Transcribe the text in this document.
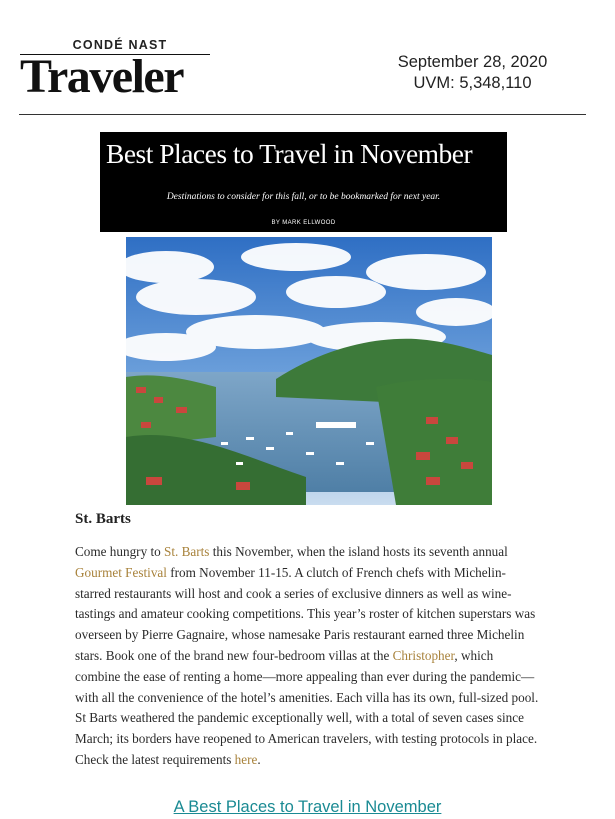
CONDÉ NAST
Traveler	September 28, 2020
UVM: 5,348,110
Best Places to Travel in November
Destinations to consider for this fall, or to be bookmarked for next year.
BY MARK ELLWOOD
St. Barts
Come hungry to St. Barts this November, when the island hosts its seventh annual Gourmet Festival from November 11-15. A clutch of French chefs with Michelin-starred restaurants will host and cook a series of exclusive dinners as well as wine-tastings and amateur cooking competitions. This year’s roster of kitchen superstars was overseen by Pierre Gagnaire, whose namesake Paris restaurant earned three Michelin stars. Book one of the brand new four-bedroom villas at the Christopher, which combine the ease of renting a home—more appealing than ever during the pandemic—with all the convenience of the hotel’s amenities. Each villa has its own, full-sized pool. St Barts weathered the pandemic exceptionally well, with a total of seven cases since March; its borders have reopened to American travelers, with testing protocols in place. Check the latest requirements here.
A Best Places to Travel in November
